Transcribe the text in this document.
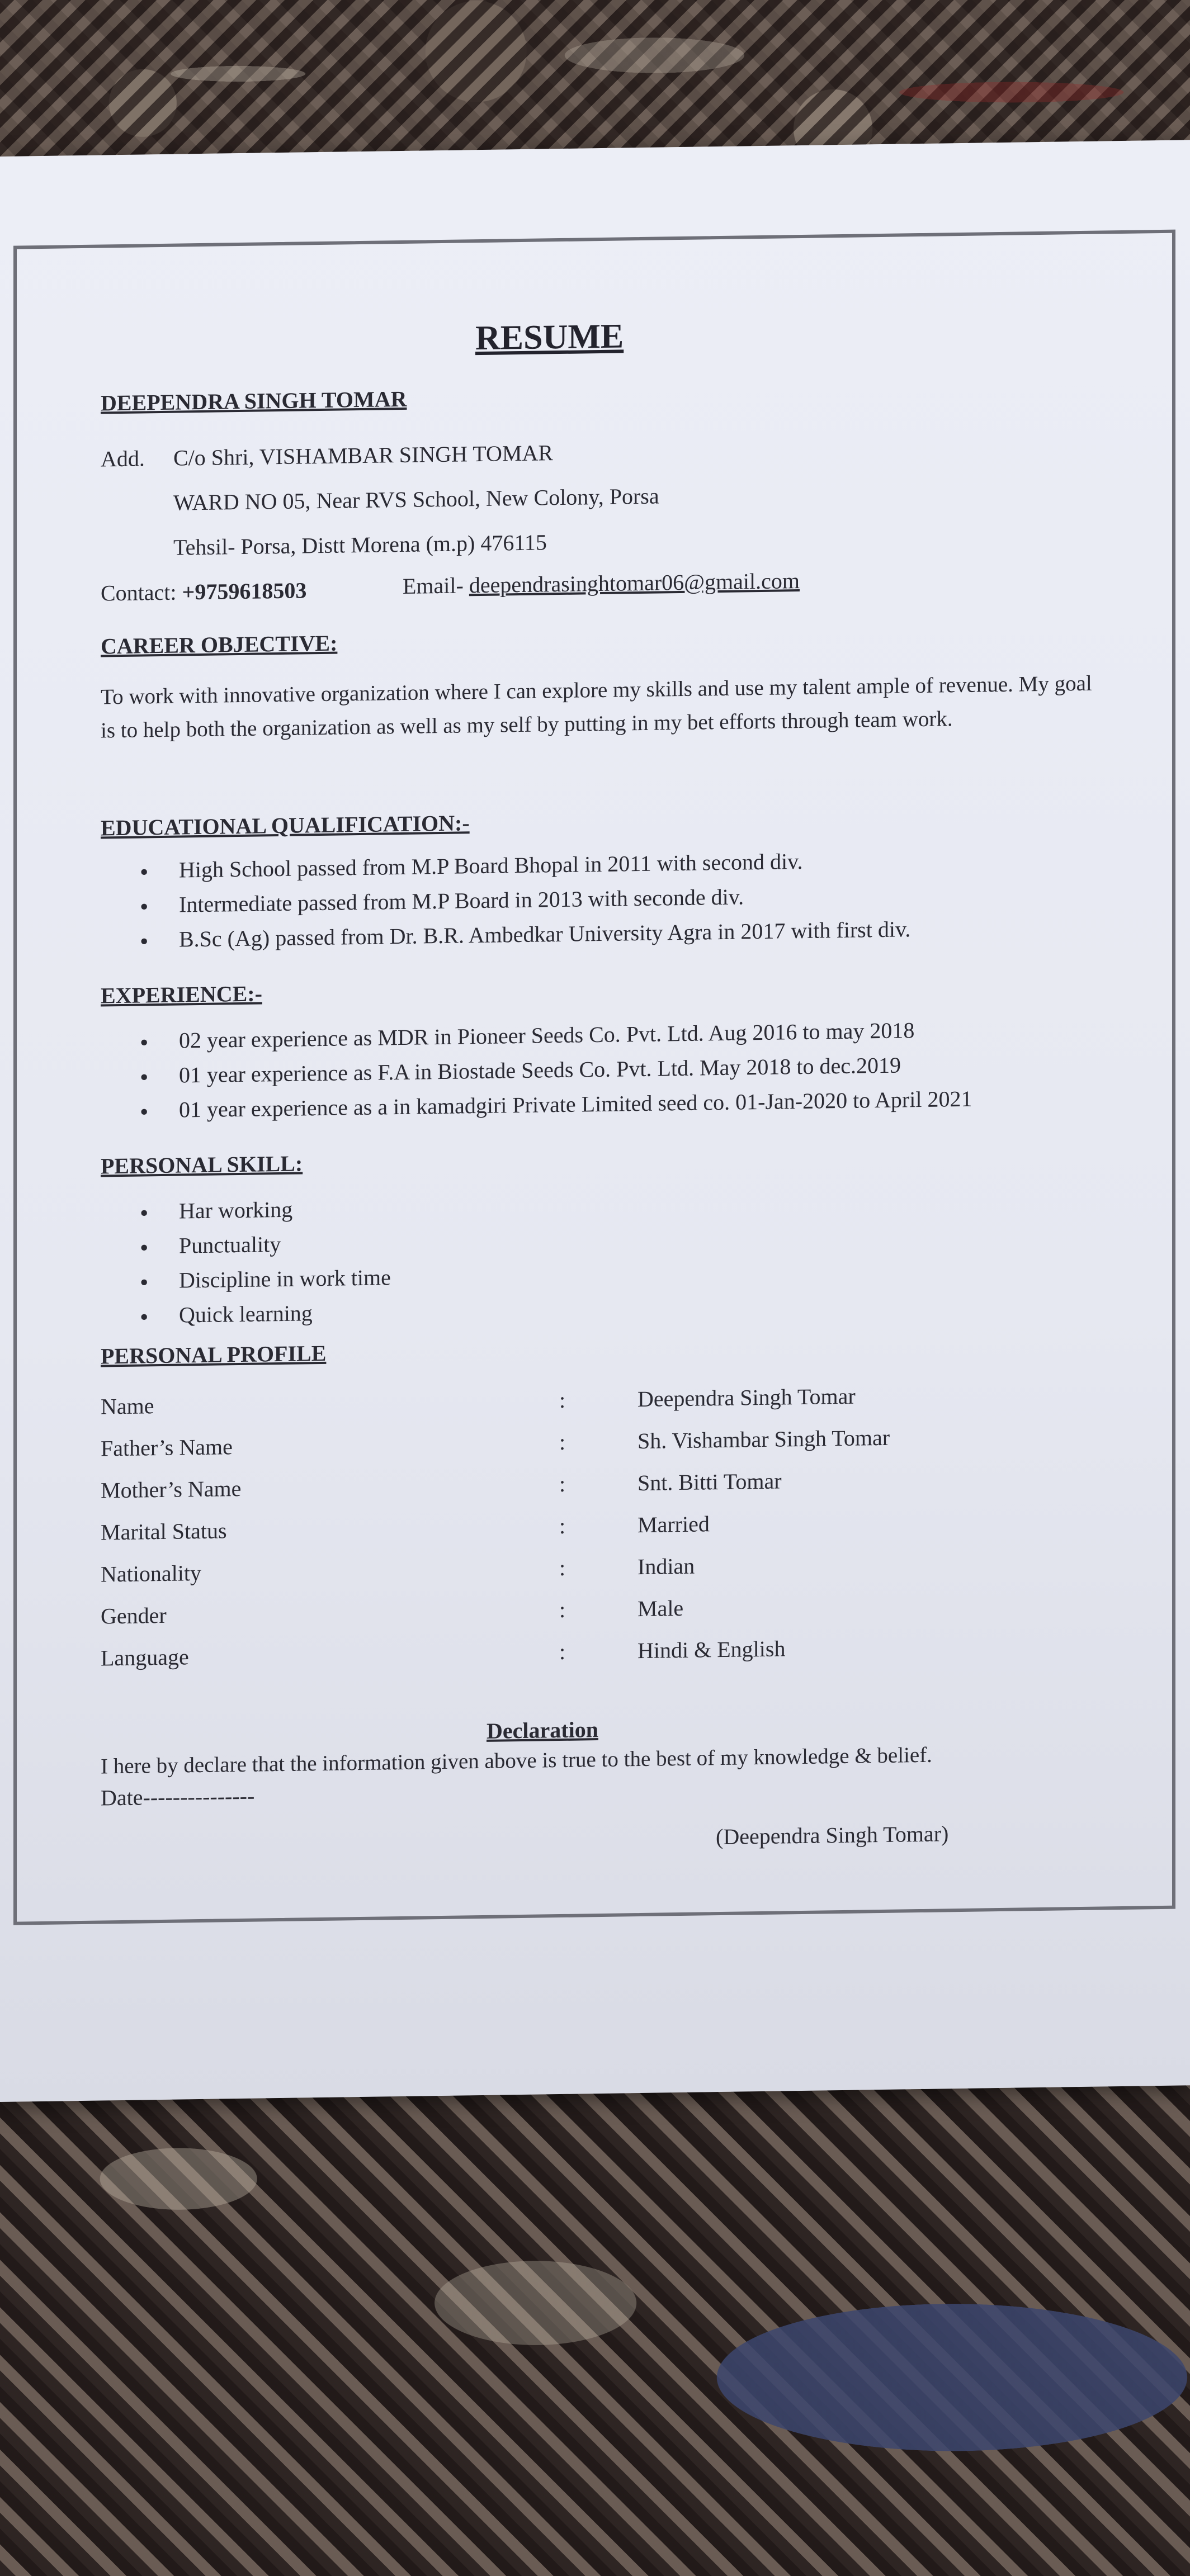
RESUME
DEEPENDRA SINGH TOMAR
Add. C/o Shri, VISHAMBAR SINGH TOMAR
WARD NO 05, Near RVS School, New Colony, Porsa
Tehsil- Porsa, Distt Morena (m.p) 476115
Contact: +9759618503	Email- deependrasinghtomar06@gmail.com
CAREER OBJECTIVE:
To work with innovative organization where I can explore my skills and use my talent ample of revenue. My goal is to help both the organization as well as my self by putting in my bet efforts through team work.
EDUCATIONAL QUALIFICATION:-
• High School passed from M.P Board Bhopal in 2011 with second div.
• Intermediate passed from M.P Board in 2013 with seconde div.
• B.Sc (Ag) passed from Dr. B.R. Ambedkar University Agra in 2017 with first div.
EXPERIENCE:-
• 02 year experience as MDR in Pioneer Seeds Co. Pvt. Ltd. Aug 2016 to may 2018
• 01 year experience as F.A in Biostade Seeds Co. Pvt. Ltd. May 2018 to dec.2019
• 01 year experience as a in kamadgiri Private Limited seed co. 01-Jan-2020 to April 2021
PERSONAL SKILL:
• Har working
• Punctuality
• Discipline in work time
• Quick learning
PERSONAL PROFILE
Name	:	Deependra Singh Tomar
Father’s Name	:	Sh. Vishambar Singh Tomar
Mother’s Name	:	Snt. Bitti Tomar
Marital Status	:	Married
Nationality	:	Indian
Gender	:	Male
Language	:	Hindi & English
Declaration
I here by declare that the information given above is true to the best of my knowledge & belief.
Date---------------
(Deependra Singh Tomar)
